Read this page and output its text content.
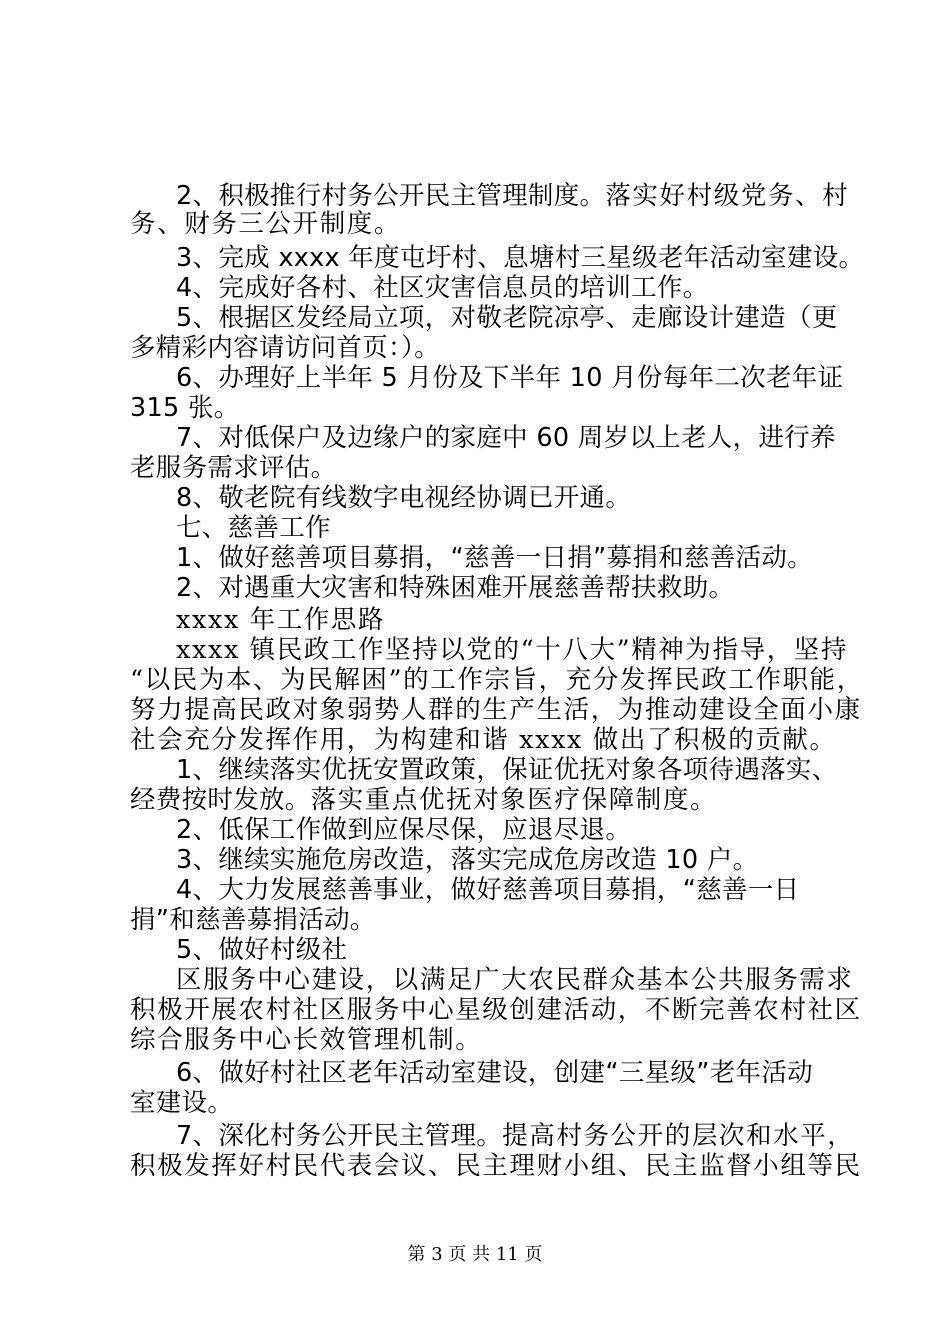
2、积极推行村务公开民主管理制度。落实好村级党务、村
务、财务三公开制度。
3、完成 xxxx 年度屯圩村、息塘村三星级老年活动室建设。
4、完成好各村、社区灾害信息员的培训工作。
5、根据区发经局立项，对敬老院凉亭、走廊设计建造（更
多精彩内容请访问首页：）。
6、办理好上半年 5 月份及下半年 10 月份每年二次老年证
315 张。
7、对低保户及边缘户的家庭中 60 周岁以上老人，进行养
老服务需求评估。
8、敬老院有线数字电视经协调已开通。
七、慈善工作
1、做好慈善项目募捐，“慈善一日捐”募捐和慈善活动。
2、对遇重大灾害和特殊困难开展慈善帮扶救助。
xxxx 年工作思路
xxxx 镇民政工作坚持以党的“十八大”精神为指导，坚持
“以民为本、为民解困”的工作宗旨，充分发挥民政工作职能，
努力提高民政对象弱势人群的生产生活，为推动建设全面小康
社会充分发挥作用，为构建和谐 xxxx 做出了积极的贡献。
1、继续落实优抚安置政策，保证优抚对象各项待遇落实、
经费按时发放。落实重点优抚对象医疗保障制度。
2、低保工作做到应保尽保，应退尽退。
3、继续实施危房改造，落实完成危房改造 10 户。
4、大力发展慈善事业，做好慈善项目募捐，“慈善一日
捐”和慈善募捐活动。
5、做好村级社
区服务中心建设，以满足广大农民群众基本公共服务需求
积极开展农村社区服务中心星级创建活动，不断完善农村社区
综合服务中心长效管理机制。
6、做好村社区老年活动室建设，创建“三星级”老年活动
室建设。
7、深化村务公开民主管理。提高村务公开的层次和水平，
积极发挥好村民代表会议、民主理财小组、民主监督小组等民
第 3 页 共 11 页
